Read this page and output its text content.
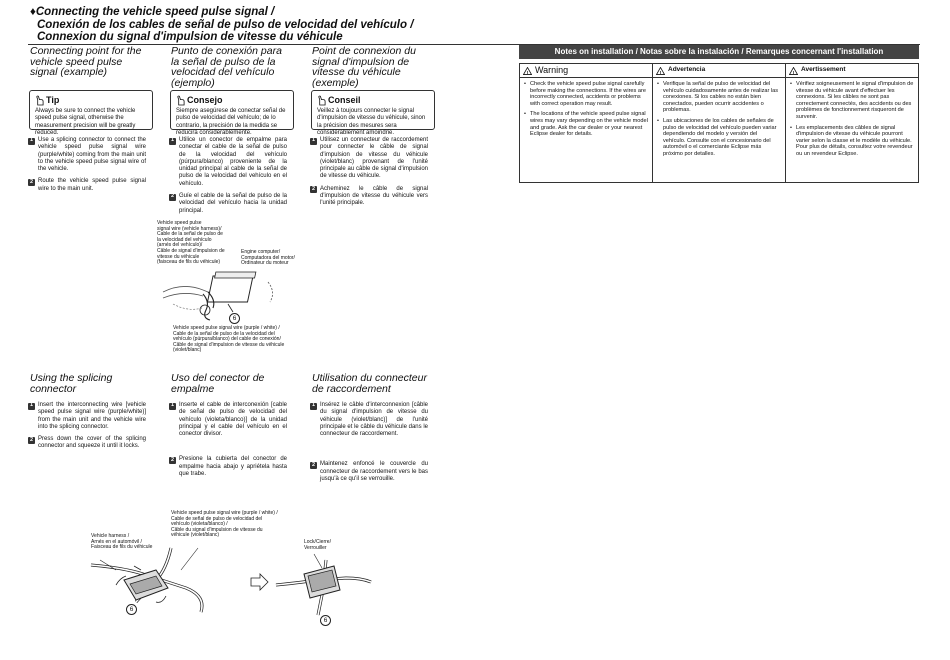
♦Connecting the vehicle speed pulse signal /
Conexión de los cables de señal de pulso de velocidad del vehículo /
Connexion du signal d'impulsion de vitesse du véhicule
Connecting point for the
vehicle speed pulse
signal (example)
Tip
Always be sure to connect the vehicle speed pulse signal, otherwise the measurement precision will be greatly reduced.
1 Use a splicing connector to connect the vehicle speed pulse signal wire (purple/white) coming from the main unit to the vehicle speed pulse signal wire of the vehicle.
2 Route the vehicle speed pulse signal wire to the main unit.
Punto de conexión para
la señal de pulso de la
velocidad del vehículo
(ejemplo)
Consejo
Siempre asegúrese de conectar señal de pulso de velocidad del vehículo; de lo contrario, la precisión de la medida se reducirá considerablemente.
1 Utilice un conector de empalme para conectar el cable de la señal de pulso de la velocidad del vehículo (púrpura/blanco) proveniente de la unidad principal al cable de la señal de pulso de la velocidad del vehículo en el vehículo.
2 Guíe el cable de la señal de pulso de la velocidad del vehículo hacia la unidad principal.
Point de connexion du
signal d'impulsion de
vitesse du véhicule
(exemple)
Conseil
Veillez à toujours connecter le signal d'impulsion de vitesse du véhicule, sinon la précision des mesures sera considérablement amoindrie.
1 Utilisez un connecteur de raccordement pour connecter le câble de signal d'impulsion de vitesse du véhicule (violet/blanc) provenant de l'unité principale au câble de signal d'impulsion de vitesse du véhicule.
2 Acheminez le câble de signal d'impulsion de vitesse du véhicule vers l'unité principale.
Vehicle speed pulse
signal wire (vehicle harness)/
Cable de la señal de pulso de
la velocidad del vehículo
(arnés del vehículo)/
Câble de signal d'impulsion de
vitesse du véhicule
(faisceau de fils du véhicule)
Engine computer/
Computadora del motor/
Ordinateur du moteur
6
Vehicle speed pulse signal wire (purple / white) /
Cable de la señal de pulso de la velocidad del
vehículo (púrpura/blanco) del cable de conexión/
Câble de signal d'impulsion de vitesse du véhicule
(violet/blanc)
Using the splicing connector
1 Insert the interconnecting wire [vehicle speed pulse signal wire (purple/white)] from the main unit and the vehicle wire into the splicing connector.
2 Press down the cover of the splicing connector and squeeze it until it locks.
Uso del conector de
empalme
1 Inserte el cable de interconexión [cable de señal de pulso de velocidad del vehículo (violeta/blanco)] de la unidad principal y el cable del vehículo en el conector divisor.
2 Presione la cubierta del conector de empalme hacia abajo y apriétela hasta que trabe.
Utilisation du connecteur
de raccordement
1 Insérez le câble d'interconnexion [câble du signal d'impulsion de vitesse du véhicule (violet/blanc)] de l'unité principale et le câble du véhicule dans le connecteur de raccordement.
2 Maintenez enfoncé le couvercle du connecteur de raccordement vers le bas jusqu'à ce qu'il se verrouille.
Vehicle speed pulse signal wire (purple / white) /
Cable de señal de pulso de velocidad del
vehículo (violeta/blanco) /
Câble du signal d'impulsion de vitesse du
véhicule (violet/blanc)
Vehicle harness /
Arnés en el automóvil /
Faisceau de fils du véhicule
Lock/Cierre/
Verrouiller
6
6
Notes on installation / Notas sobre la instalación / Remarques concernant l'installation
! Warning

• Check the vehicle speed pulse signal carefully before making the connections. If the wires are incorrectly connected, accidents or problems with correct operation may result.

• The locations of the vehicle speed pulse signal wires may vary depending on the vehicle model and grade. Ask the car dealer or your nearest Eclipse dealer for details.

! Advertencia

• Verifique la señal de pulso de velocidad del vehículo cuidadosamente antes de realizar las conexiones. Si los cables no están bien conectados, pueden ocurrir accidentes o problemas.

• Las ubicaciones de los cables de señales de pulso de velocidad del vehículo pueden variar dependiendo del modelo y versión del vehículo. Consulte con el concesionario del automóvil o el comerciante Eclipse más próximo por detalles.

! Avertissement

• Vérifiez soigneusement le signal d'impulsion de vitesse du véhicule avant d'effectuer les connexions. Si les câbles ne sont pas correctement connectés, des accidents ou des problèmes de fonctionnement risqueront de survenir.

• Les emplacements des câbles de signal d'impulsion de vitesse du véhicule pourront varier selon la classe et le modèle du véhicule. Pour plus de détails, consultez votre revendeur ou un revendeur Eclipse.
